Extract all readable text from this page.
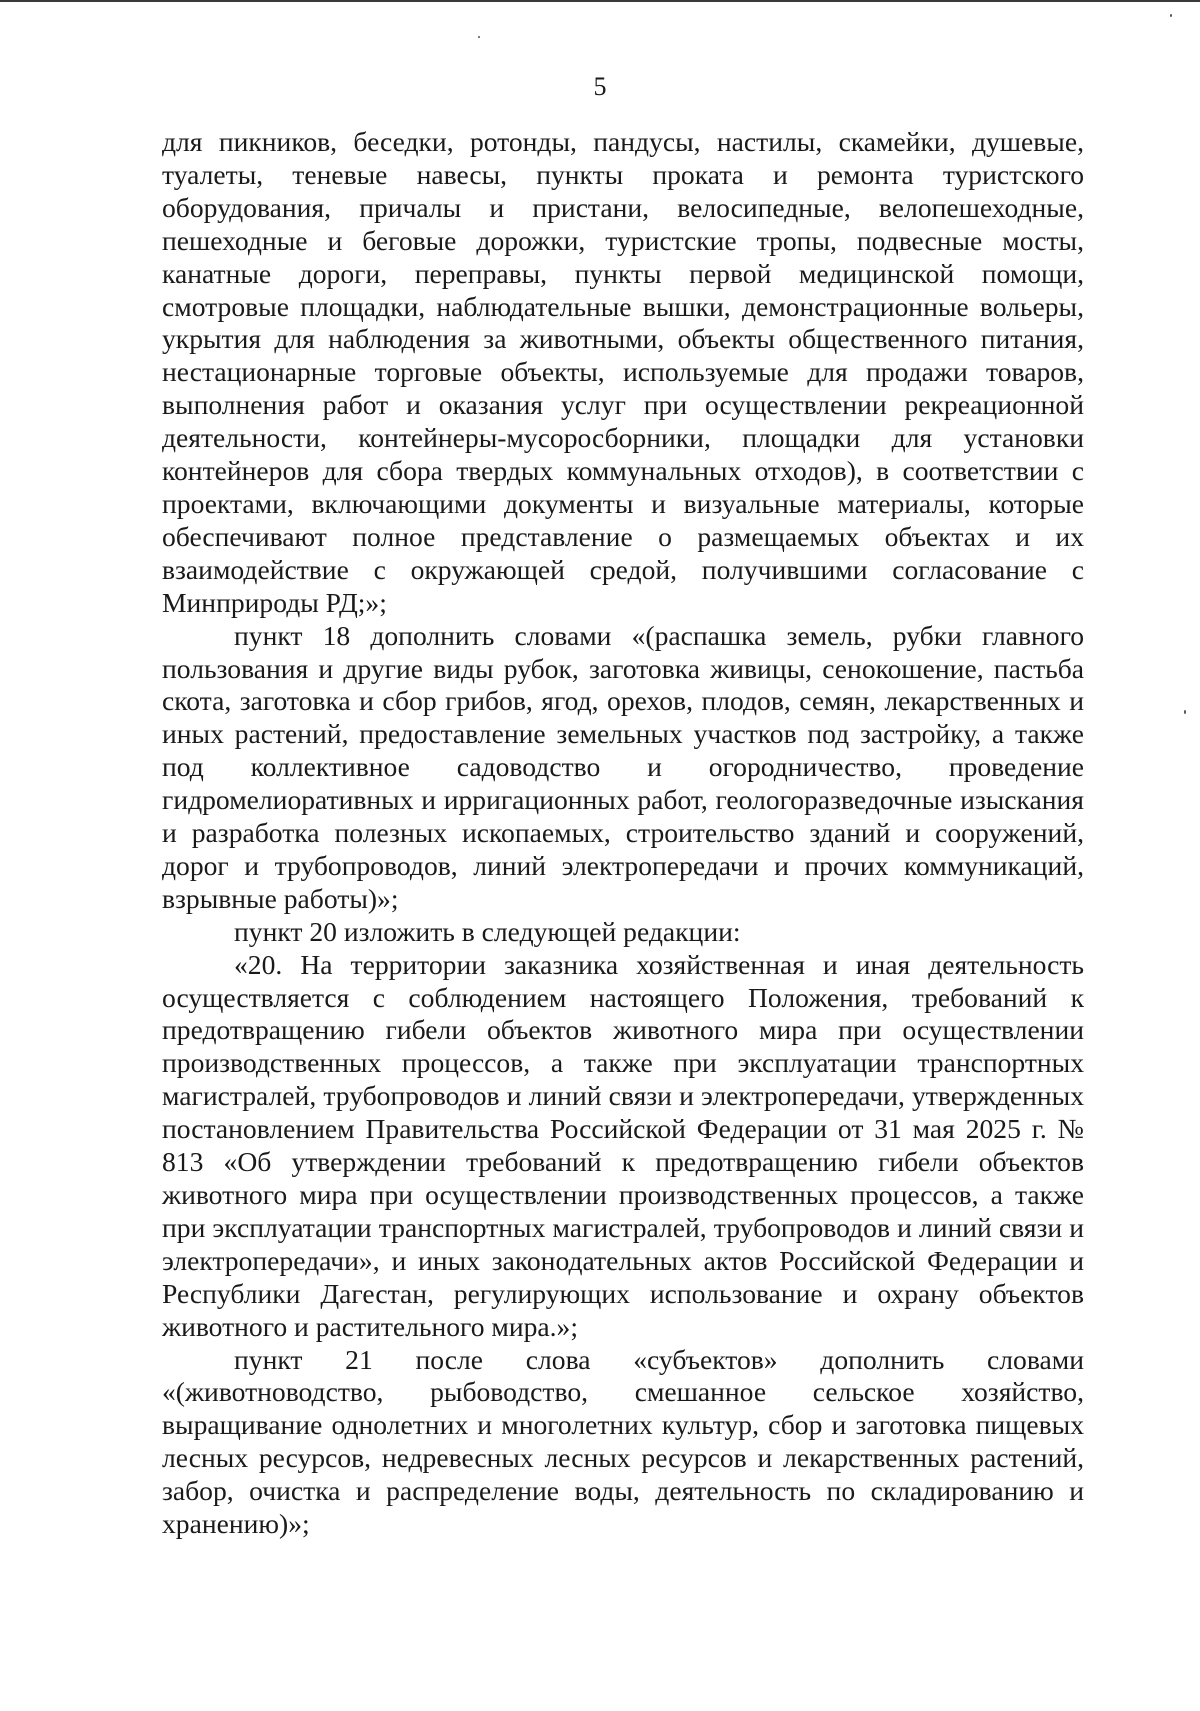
5

для пикников, беседки, ротонды, пандусы, настилы, скамейки, душевые, туалеты, теневые навесы, пункты проката и ремонта туристского оборудования, причалы и пристани, велосипедные, велопешеходные, пешеходные и беговые дорожки, туристские тропы, подвесные мосты, канатные дороги, переправы, пункты первой медицинской помощи, смотровые площадки, наблюдательные вышки, демонстрационные вольеры, укрытия для наблюдения за животными, объекты общественного питания, нестационарные торговые объекты, используемые для продажи товаров, выполнения работ и оказания услуг при осуществлении рекреационной деятельности, контейнеры-мусоросборники, площадки для установки контейнеров для сбора твердых коммунальных отходов), в соответствии с проектами, включающими документы и визуальные материалы, которые обеспечивают полное представление о размещаемых объектах и их взаимодействие с окружающей средой, получившими согласование с Минприроды РД;»;

пункт 18 дополнить словами «(распашка земель, рубки главного пользования и другие виды рубок, заготовка живицы, сенокошение, пастьба скота, заготовка и сбор грибов, ягод, орехов, плодов, семян, лекарственных и иных растений, предоставление земельных участков под застройку, а также под коллективное садоводство и огородничество, проведение гидромелиоративных и ирригационных работ, геологоразведочные изыскания и разработка полезных ископаемых, строительство зданий и сооружений, дорог и трубопроводов, линий электропередачи и прочих коммуникаций, взрывные работы)»;

пункт 20 изложить в следующей редакции:

«20. На территории заказника хозяйственная и иная деятельность осуществляется с соблюдением настоящего Положения, требований к предотвращению гибели объектов животного мира при осуществлении производственных процессов, а также при эксплуатации транспортных магистралей, трубопроводов и линий связи и электропередачи, утвержденных постановлением Правительства Российской Федерации от 31 мая 2025 г. № 813 «Об утверждении требований к предотвращению гибели объектов животного мира при осуществлении производственных процессов, а также при эксплуатации транспортных магистралей, трубопроводов и линий связи и электропередачи», и иных законодательных актов Российской Федерации и Республики Дагестан, регулирующих использование и охрану объектов животного и растительного мира.»;

пункт 21 после слова «субъектов» дополнить словами «(животноводство, рыбоводство, смешанное сельское хозяйство, выращивание однолетних и многолетних культур, сбор и заготовка пищевых лесных ресурсов, недревесных лесных ресурсов и лекарственных растений, забор, очистка и распределение воды, деятельность по складированию и хранению)»;
